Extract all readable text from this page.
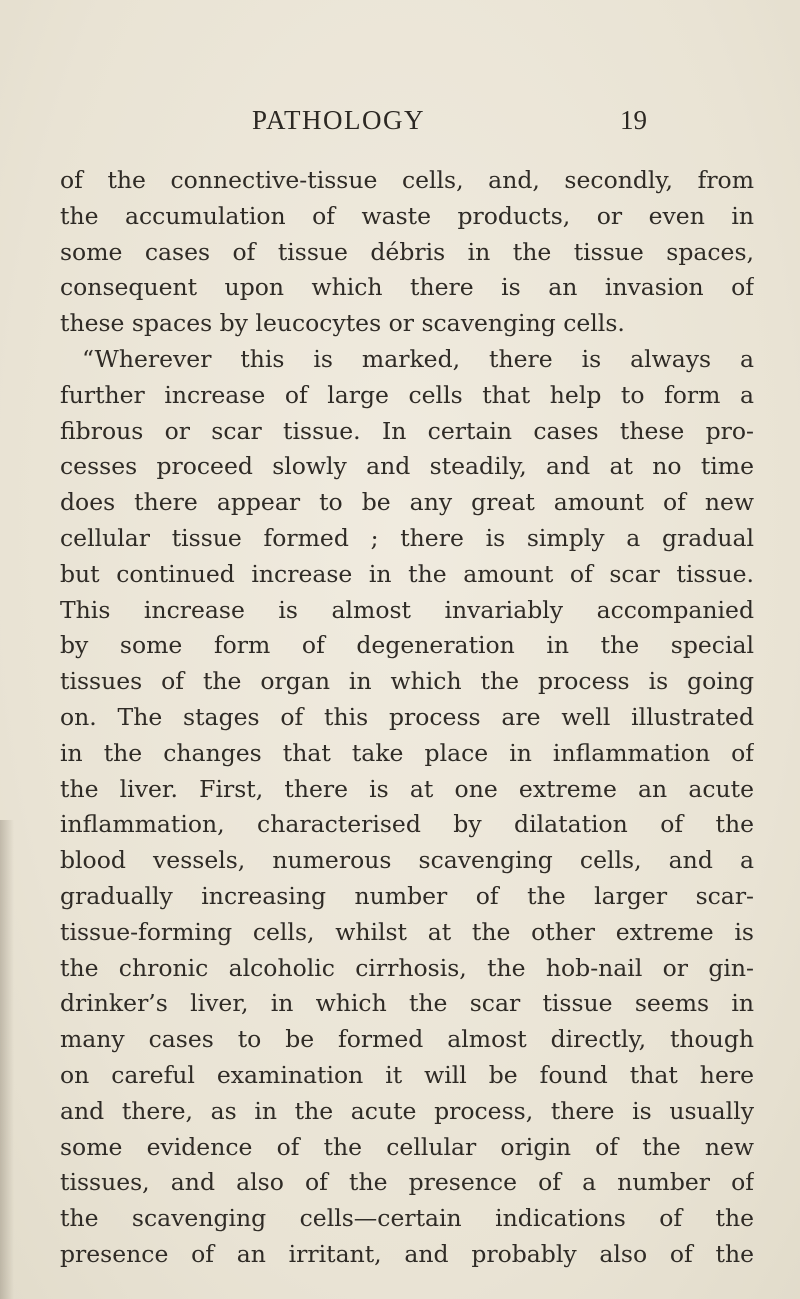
PATHOLOGY	19
of the connective-tissue cells, and, secondly, from
the accumulation of waste products, or even in
some cases of tissue débris in the tissue spaces,
consequent upon which there is an invasion of
these spaces by leucocytes or scavenging cells.
“Wherever this is marked, there is always a
further increase of large cells that help to form a
fibrous or scar tissue. In certain cases these pro-
cesses proceed slowly and steadily, and at no time
does there appear to be any great amount of new
cellular tissue formed ; there is simply a gradual
but continued increase in the amount of scar tissue.
This increase is almost invariably accompanied
by some form of degeneration in the special
tissues of the organ in which the process is going
on. The stages of this process are well illustrated
in the changes that take place in inflammation of
the liver. First, there is at one extreme an acute
inflammation, characterised by dilatation of the
blood vessels, numerous scavenging cells, and a
gradually increasing number of the larger scar-
tissue-forming cells, whilst at the other extreme is
the chronic alcoholic cirrhosis, the hob-nail or gin-
drinker’s liver, in which the scar tissue seems in
many cases to be formed almost directly, though
on careful examination it will be found that here
and there, as in the acute process, there is usually
some evidence of the cellular origin of the new
tissues, and also of the presence of a number of
the scavenging cells—certain indications of the
presence of an irritant, and probably also of the
